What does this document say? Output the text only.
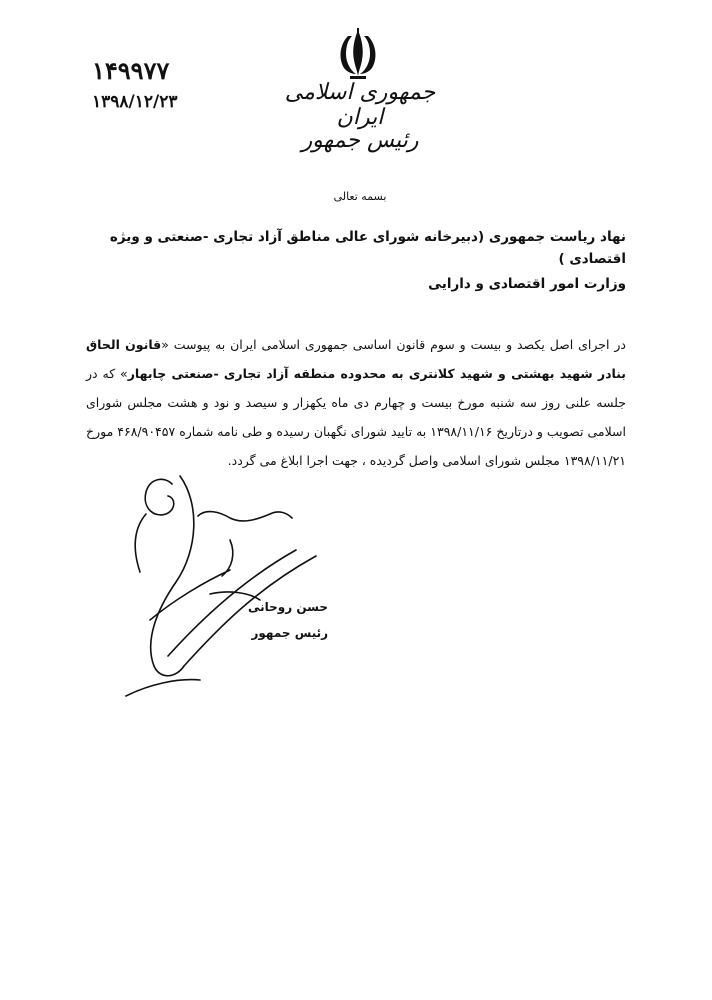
۱۴۹۹۷۷
۱۳۹۸/۱۲/۲۳	جمهوری اسلامی ایران
رئیس جمهور
بسمه تعالی
نهاد ریاست جمهوری (دبیرخانه شورای عالی مناطق آزاد تجاری -صنعتی و ویژه اقتصادی )
وزارت امور اقتصادی و دارایی
در اجرای اصل یکصد و بیست و سوم قانون اساسی جمهوری اسلامی ایران به پیوست «قانون الحاق بنادر شهید بهشتی و شهید کلانتری به محدوده منطقه آزاد تجاری -صنعتی چابهار» که در جلسه علنی روز سه شنبه مورخ بیست و چهارم دی ماه یکهزار و سیصد و نود و هشت مجلس شورای اسلامی تصویب و درتاریخ ۱۳۹۸/۱۱/۱۶ به تایید شورای نگهبان رسیده و طی نامه شماره ۴۶۸/۹۰۴۵۷ مورخ ۱۳۹۸/۱۱/۲۱ مجلس شورای اسلامی واصل گردیده ، جهت اجرا ابلاغ می گردد.
حسن روحانی
رئیس جمهور
